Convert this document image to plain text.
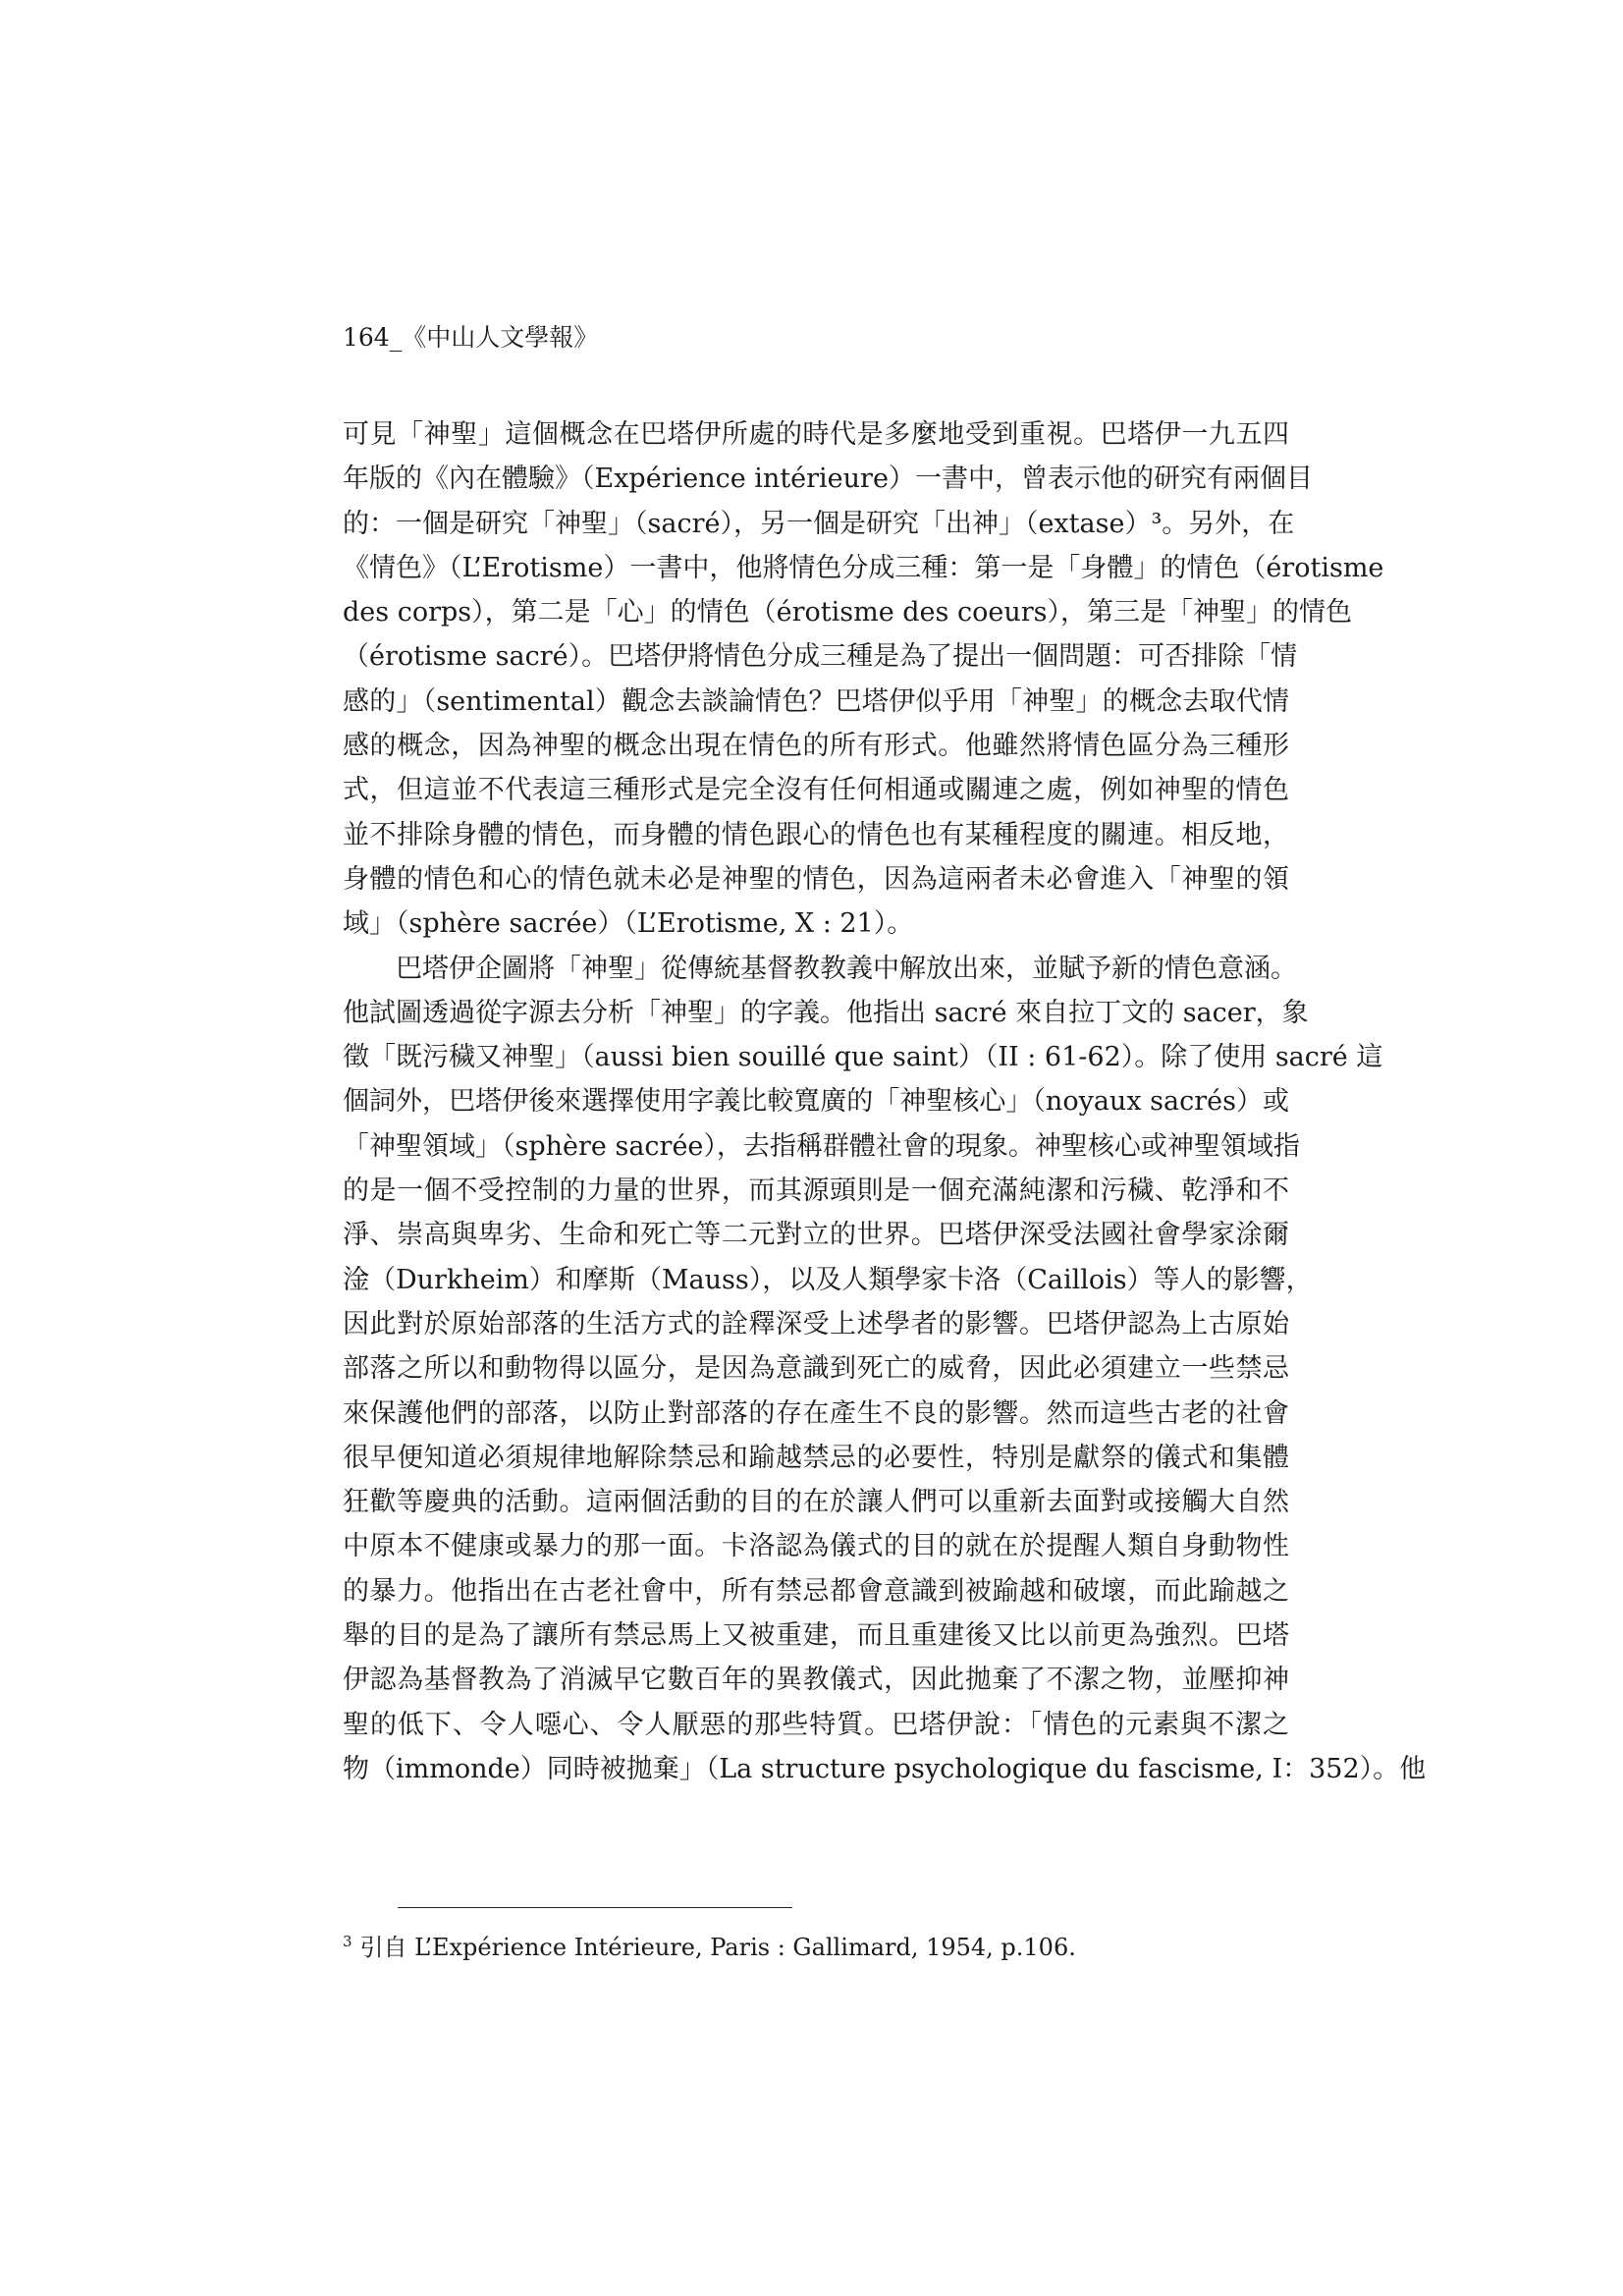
164_《中山人文學報》
可見「神聖」這個概念在巴塔伊所處的時代是多麼地受到重視。巴塔伊一九五四
年版的《內在體驗》（Expérience intérieure）一書中，曾表示他的研究有兩個目
的：一個是研究「神聖」（sacré），另一個是研究「出神」（extase）³。另外，在
《情色》（L’Erotisme）一書中，他將情色分成三種：第一是「身體」的情色（érotisme
des corps），第二是「心」的情色（érotisme des coeurs），第三是「神聖」的情色
（érotisme sacré）。巴塔伊將情色分成三種是為了提出一個問題：可否排除「情
感的」（sentimental）觀念去談論情色？巴塔伊似乎用「神聖」的概念去取代情
感的概念，因為神聖的概念出現在情色的所有形式。他雖然將情色區分為三種形
式，但這並不代表這三種形式是完全沒有任何相通或關連之處，例如神聖的情色
並不排除身體的情色，而身體的情色跟心的情色也有某種程度的關連。相反地，
身體的情色和心的情色就未必是神聖的情色，因為這兩者未必會進入「神聖的領
域」（sphère sacrée）（L’Erotisme, X : 21）。
巴塔伊企圖將「神聖」從傳統基督教教義中解放出來，並賦予新的情色意涵。
他試圖透過從字源去分析「神聖」的字義。他指出 sacré 來自拉丁文的 sacer，象
徵「既污穢又神聖」（aussi bien souillé que saint）（II : 61-62）。除了使用 sacré 這
個詞外，巴塔伊後來選擇使用字義比較寬廣的「神聖核心」（noyaux sacrés）或
「神聖領域」（sphère sacrée），去指稱群體社會的現象。神聖核心或神聖領域指
的是一個不受控制的力量的世界，而其源頭則是一個充滿純潔和污穢、乾淨和不
淨、崇高與卑劣、生命和死亡等二元對立的世界。巴塔伊深受法國社會學家涂爾
淦（Durkheim）和摩斯（Mauss），以及人類學家卡洛（Caillois）等人的影響，
因此對於原始部落的生活方式的詮釋深受上述學者的影響。巴塔伊認為上古原始
部落之所以和動物得以區分，是因為意識到死亡的威脅，因此必須建立一些禁忌
來保護他們的部落，以防止對部落的存在產生不良的影響。然而這些古老的社會
很早便知道必須規律地解除禁忌和踰越禁忌的必要性，特別是獻祭的儀式和集體
狂歡等慶典的活動。這兩個活動的目的在於讓人們可以重新去面對或接觸大自然
中原本不健康或暴力的那一面。卡洛認為儀式的目的就在於提醒人類自身動物性
的暴力。他指出在古老社會中，所有禁忌都會意識到被踰越和破壞，而此踰越之
舉的目的是為了讓所有禁忌馬上又被重建，而且重建後又比以前更為強烈。巴塔
伊認為基督教為了消滅早它數百年的異教儀式，因此拋棄了不潔之物，並壓抑神
聖的低下、令人噁心、令人厭惡的那些特質。巴塔伊說：「情色的元素與不潔之
物（immonde）同時被拋棄」（La structure psychologique du fascisme, I：352）。他
$^3$ 引自 L’Expérience Intérieure, Paris : Gallimard, 1954, p.106.
